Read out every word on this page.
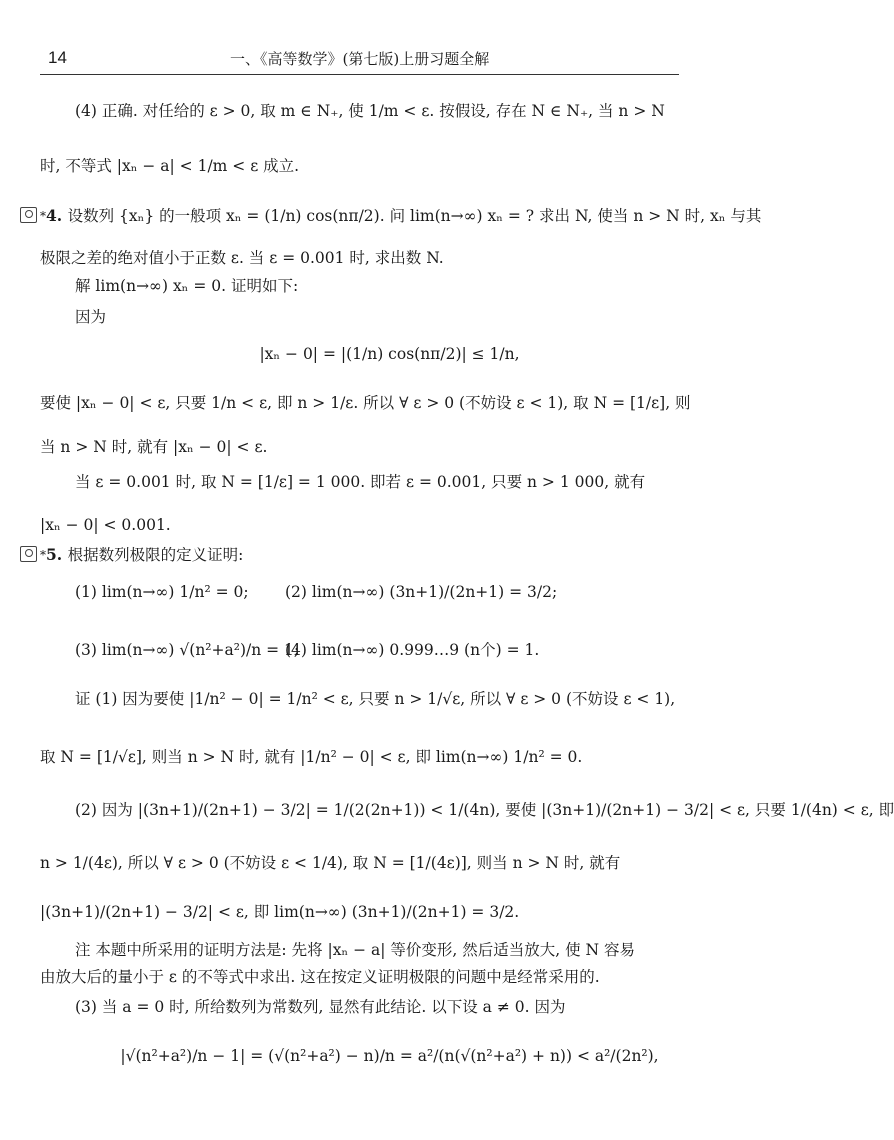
14	一、《高等数学》(第七版)上册习题全解
(4) 正确. 对任给的 ε > 0, 取 m ∈ N₊, 使 1/m < ε. 按假设, 存在 N ∈ N₊, 当 n > N
时, 不等式 |xₙ − a| < 1/m < ε 成立.
*4. 设数列 {xₙ} 的一般项 xₙ = (1/n) cos(nπ/2). 问 lim(n→∞) xₙ = ? 求出 N, 使当 n > N 时, xₙ 与其
极限之差的绝对值小于正数 ε. 当 ε = 0.001 时, 求出数 N.
解 lim(n→∞) xₙ = 0. 证明如下:
因为
|xₙ − 0| = |(1/n) cos(nπ/2)| ≤ 1/n,
要使 |xₙ − 0| < ε, 只要 1/n < ε, 即 n > 1/ε. 所以 ∀ ε > 0 (不妨设 ε < 1), 取 N = [1/ε], 则
当 n > N 时, 就有 |xₙ − 0| < ε.
当 ε = 0.001 时, 取 N = [1/ε] = 1 000. 即若 ε = 0.001, 只要 n > 1 000, 就有
|xₙ − 0| < 0.001.
*5. 根据数列极限的定义证明:
(1) lim(n→∞) 1/n² = 0; (2) lim(n→∞) (3n+1)/(2n+1) = 3/2;
(3) lim(n→∞) √(n²+a²)/n = 1;
(4) lim(n→∞) 0.999…9 (n个) = 1.
证 (1) 因为要使 |1/n² − 0| = 1/n² < ε, 只要 n > 1/√ε, 所以 ∀ ε > 0 (不妨设 ε < 1),
取 N = [1/√ε], 则当 n > N 时, 就有 |1/n² − 0| < ε, 即 lim(n→∞) 1/n² = 0.
(2) 因为 |(3n+1)/(2n+1) − 3/2| = 1/(2(2n+1)) < 1/(4n), 要使 |(3n+1)/(2n+1) − 3/2| < ε, 只要 1/(4n) < ε, 即
n > 1/(4ε), 所以 ∀ ε > 0 (不妨设 ε < 1/4), 取 N = [1/(4ε)], 则当 n > N 时, 就有
|(3n+1)/(2n+1) − 3/2| < ε, 即 lim(n→∞) (3n+1)/(2n+1) = 3/2.
注 本题中所采用的证明方法是: 先将 |xₙ − a| 等价变形, 然后适当放大, 使 N 容易
由放大后的量小于 ε 的不等式中求出. 这在按定义证明极限的问题中是经常采用的.
(3) 当 a = 0 时, 所给数列为常数列, 显然有此结论. 以下设 a ≠ 0. 因为
|√(n²+a²)/n − 1| = (√(n²+a²) − n)/n = a²/(n(√(n²+a²) + n)) < a²/(2n²),
